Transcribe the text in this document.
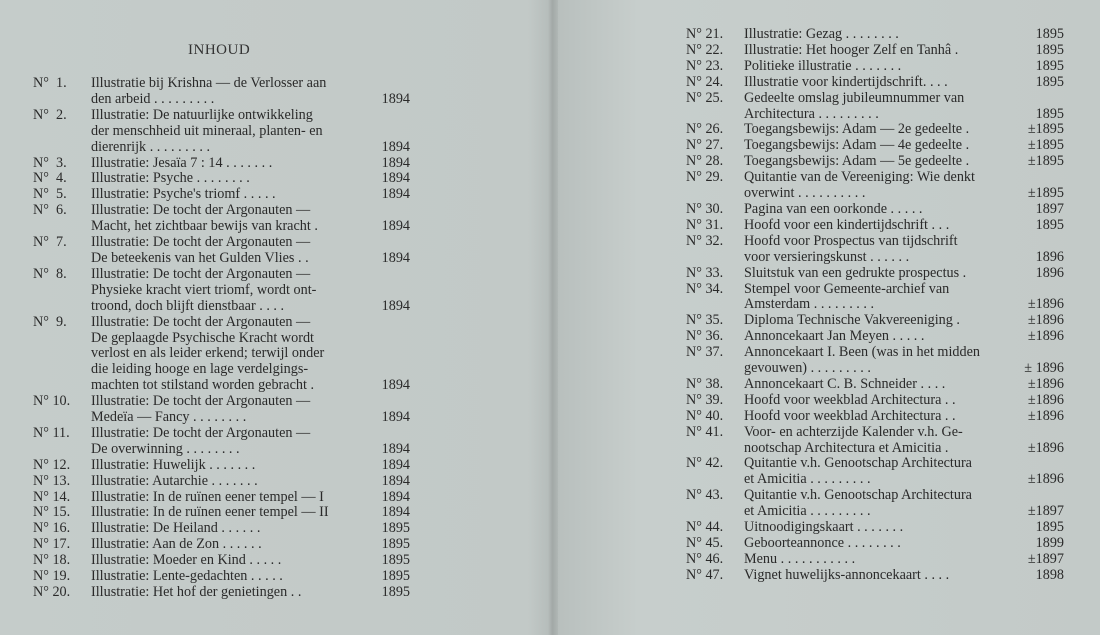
INHOUD
N°  1. Illustratie bij Krishna — de Verlosser aan
den arbeid . . . . . . . . .	1894
N°  2. Illustratie: De natuurlijke ontwikkeling
der menschheid uit mineraal, planten- en
dierenrijk . . . . . . . . .	1894
N°  3. Illustratie: Jesaïa 7 : 14 . . . . . . .	1894
N°  4. Illustratie: Psyche . . . . . . . .	1894
N°  5. Illustratie: Psyche's triomf . . . . .	1894
N°  6. Illustratie: De tocht der Argonauten —
Macht, het zichtbaar bewijs van kracht .	1894
N°  7. Illustratie: De tocht der Argonauten —
De beteekenis van het Gulden Vlies . .	1894
N°  8. Illustratie: De tocht der Argonauten —
Physieke kracht viert triomf, wordt ont-
troond, doch blijft dienstbaar . . . .	1894
N°  9. Illustratie: De tocht der Argonauten —
De geplaagde Psychische Kracht wordt
verlost en als leider erkend; terwijl onder
die leiding hooge en lage verdelgings-
machten tot stilstand worden gebracht .	1894
N° 10. Illustratie: De tocht der Argonauten —
Medeïa — Fancy . . . . . . . .	1894
N° 11. Illustratie: De tocht der Argonauten —
De overwinning . . . . . . . .	1894
N° 12. Illustratie: Huwelijk . . . . . . .	1894
N° 13. Illustratie: Autarchie . . . . . . .	1894
N° 14. Illustratie: In de ruïnen eener tempel — I	1894
N° 15. Illustratie: In de ruïnen eener tempel — II	1894
N° 16. Illustratie: De Heiland . . . . . .	1895
N° 17. Illustratie: Aan de Zon . . . . . .	1895
N° 18. Illustratie: Moeder en Kind . . . . .	1895
N° 19. Illustratie: Lente-gedachten . . . . .	1895
N° 20. Illustratie: Het hof der genietingen . .	1895
N° 21. Illustratie: Gezag . . . . . . . .	1895
N° 22. Illustratie: Het hooger Zelf en Tanhâ .	1895
N° 23. Politieke illustratie . . . . . . .	1895
N° 24. Illustratie voor kindertijdschrift. . . .	1895
N° 25. Gedeelte omslag jubileumnummer van
Architectura . . . . . . . . .	1895
N° 26. Toegangsbewijs: Adam — 2e gedeelte .	±1895
N° 27. Toegangsbewijs: Adam — 4e gedeelte .	±1895
N° 28. Toegangsbewijs: Adam — 5e gedeelte .	±1895
N° 29. Quitantie van de Vereeniging: Wie denkt
overwint . . . . . . . . . .	±1895
N° 30. Pagina van een oorkonde . . . . .	1897
N° 31. Hoofd voor een kindertijdschrift . . .	1895
N° 32. Hoofd voor Prospectus van tijdschrift
voor versieringskunst . . . . . .	1896
N° 33. Sluitstuk van een gedrukte prospectus .	1896
N° 34. Stempel voor Gemeente-archief van
Amsterdam . . . . . . . . .	±1896
N° 35. Diploma Technische Vakvereeniging .	±1896
N° 36. Annoncekaart Jan Meyen . . . . .	±1896
N° 37. Annoncekaart I. Been (was in het midden
gevouwen) . . . . . . . . .	± 1896
N° 38. Annoncekaart C. B. Schneider . . . .	±1896
N° 39. Hoofd voor weekblad Architectura . .	±1896
N° 40. Hoofd voor weekblad Architectura . .	±1896
N° 41. Voor- en achterzijde Kalender v.h. Ge-
nootschap Architectura et Amicitia .	±1896
N° 42. Quitantie v.h. Genootschap Architectura
et Amicitia . . . . . . . . .	±1896
N° 43. Quitantie v.h. Genootschap Architectura
et Amicitia . . . . . . . . .	±1897
N° 44. Uitnoodigingskaart . . . . . . .	1895
N° 45. Geboorteannonce . . . . . . . .	1899
N° 46. Menu . . . . . . . . . . .	±1897
N° 47. Vignet huwelijks-annoncekaart . . . .	1898
